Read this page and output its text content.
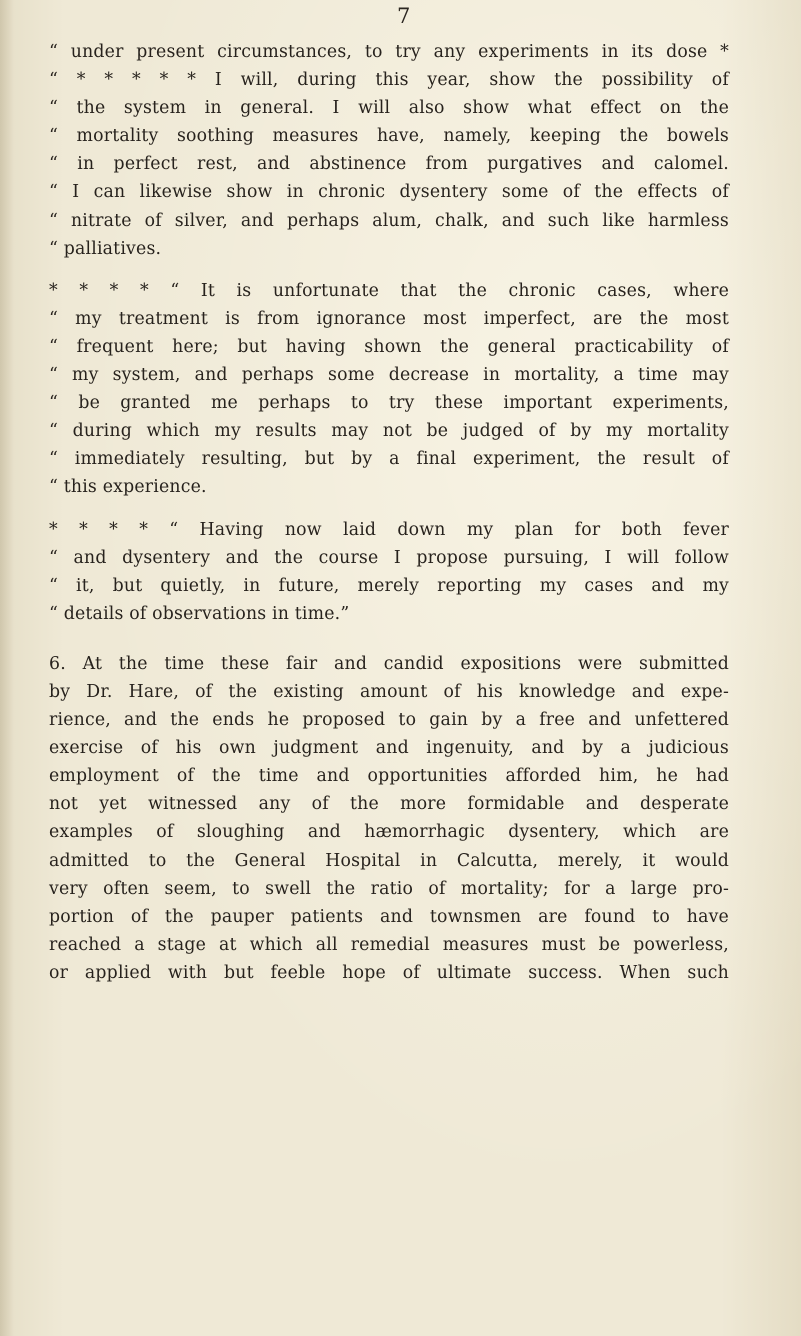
7
“ under present circumstances, to try any experiments in its dose *
“ * * * * * I will, during this year, show the possibility of
“ the system in general. I will also show what effect on the
“ mortality soothing measures have, namely, keeping the bowels
“ in perfect rest, and abstinence from purgatives and calomel.
“ I can likewise show in chronic dysentery some of the effects of
“ nitrate of silver, and perhaps alum, chalk, and such like harmless
“ palliatives.
* * * * “ It is unfortunate that the chronic cases, where
“ my treatment is from ignorance most imperfect, are the most
“ frequent here; but having shown the general practicability of
“ my system, and perhaps some decrease in mortality, a time may
“ be granted me perhaps to try these important experiments,
“ during which my results may not be judged of by my mortality
“ immediately resulting, but by a final experiment, the result of
“ this experience.
* * * * “ Having now laid down my plan for both fever
“ and dysentery and the course I propose pursuing, I will follow
“ it, but quietly, in future, merely reporting my cases and my
“ details of observations in time.”
6. At the time these fair and candid expositions were submitted
by Dr. Hare, of the existing amount of his knowledge and expe-
rience, and the ends he proposed to gain by a free and unfettered
exercise of his own judgment and ingenuity, and by a judicious
employment of the time and opportunities afforded him, he had
not yet witnessed any of the more formidable and desperate
examples of sloughing and hæmorrhagic dysentery, which are
admitted to the General Hospital in Calcutta, merely, it would
very often seem, to swell the ratio of mortality; for a large pro-
portion of the pauper patients and townsmen are found to have
reached a stage at which all remedial measures must be powerless,
or applied with but feeble hope of ultimate success. When such
